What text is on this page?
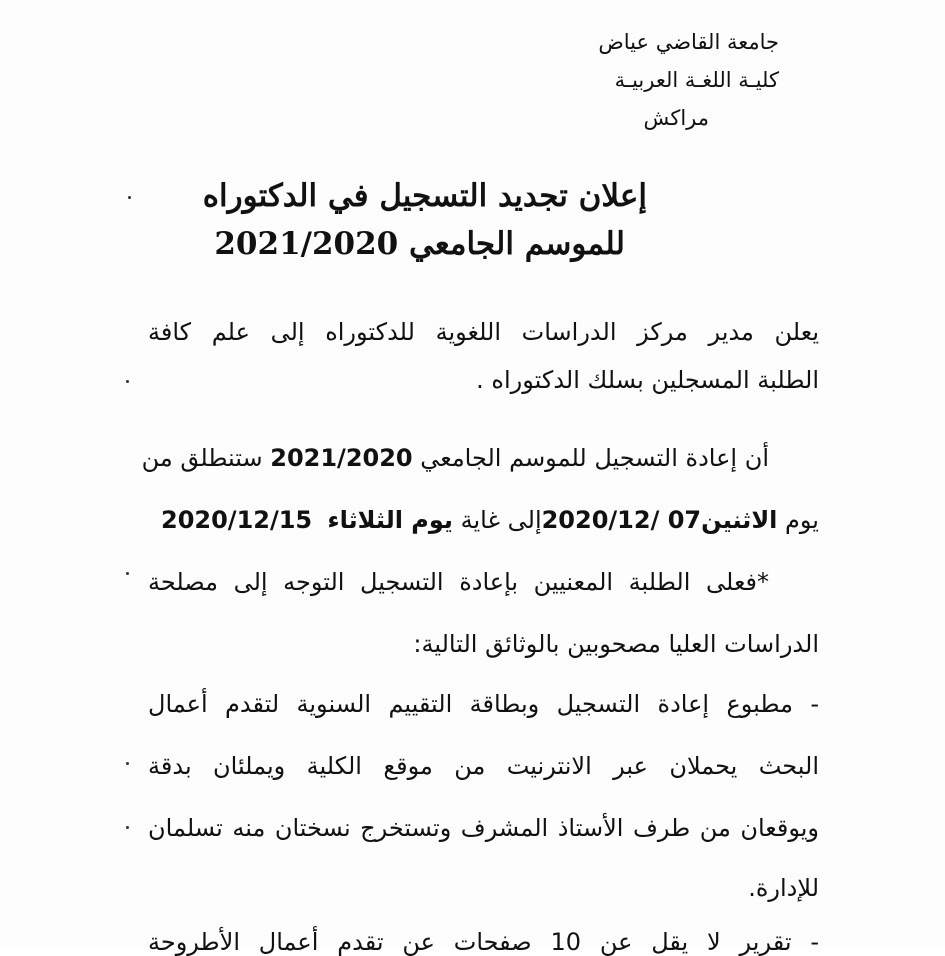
جامعة القاضي عياض
كليـة اللغـة العربيـة
مراكش
إعلان تجديد التسجيل في الدكتوراه
للموسم الجامعي 2021/2020
يعلن مدير مركز الدراسات اللغوية للدكتوراه إلى علم كافة
الطلبة المسجلين بسلك الدكتوراه .
أن إعادة التسجيل للموسم الجامعي 2021/2020 ستنطلق من
يوم الاثنين07 /2020/12إلى غاية يوم الثلاثاء  2020/12/15
*فعلى الطلبة المعنيين بإعادة التسجيل التوجه إلى مصلحة
الدراسات العليا مصحوبين بالوثائق التالية:
- مطبوع إعادة التسجيل وبطاقة التقييم السنوية لتقدم أعمال
البحث يحملان عبر الانترنيت من موقع الكلية ويملئان بدقة
ويوقعان من طرف الأستاذ المشرف وتستخرج نسختان منه تسلمان
للإدارة.
- تقرير لا يقل عن 10 صفحات عن تقدم أعمال الأطروحة
